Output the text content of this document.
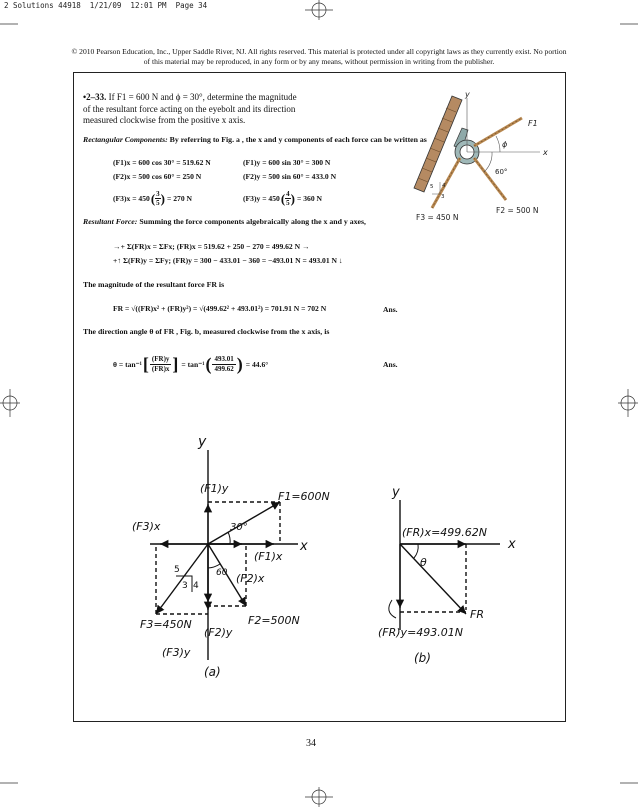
2 Solutions 44918  1/21/09  12:01 PM  Page 34
© 2010 Pearson Education, Inc., Upper Saddle River, NJ. All rights reserved. This material is protected under all copyright laws as they currently exist. No portion of this material may be reproduced, in any form or by any means, without permission in writing from the publisher.
•2–33. If F1 = 600 N and ϕ = 30°, determine the magnitude of the resultant force acting on the eyebolt and its direction measured clockwise from the positive x axis.
y
x
F1
ϕ
60°
F2 = 500 N
F3 = 450 N
3
4
5
Rectangular Components: By referring to Fig. a , the x and y components of each force can be written as
(F1)x = 600 cos 30° = 519.62 N	(F1)y = 600 sin 30° = 300 N
(F2)x = 500 cos 60° = 250 N	(F2)y = 500 sin 60° = 433.0 N
(F3)x = 450 ( $\frac{3}{5}$ ) = 270 N	(F3)y = 450 ( $\frac{4}{5}$ ) = 360 N
Resultant Force: Summing the force components algebraically along the x and y axes,
→+ Σ(FR)x = ΣFx; (FR)x = 519.62 + 250 − 270 = 499.62 N →
+↑ Σ(FR)y = ΣFy; (FR)y = 300 − 433.01 − 360 = −493.01 N = 493.01 N ↓
The magnitude of the resultant force FR is
FR = √((FR)x² + (FR)y²) = √(499.62² + 493.01²) = 701.91 N = 702 N	Ans.
The direction angle θ of FR , Fig. b, measured clockwise from the x axis, is
θ = tan⁻¹ [ $\frac{(FR)y}{(FR)x}$ ] = tan⁻¹ ( 493.01
499.62 ) = 44.6°	Ans.
y
x
(F1)y
F1=600N
(F3)x	30°
(F1)x
60 (F2)x
5
4
3
F3=450N	F2=500N
(F2)y
(F3)y
(a)
y
x
(FR)x=499.62N
θ
FR
(FR)y=493.01N
(b)
34
